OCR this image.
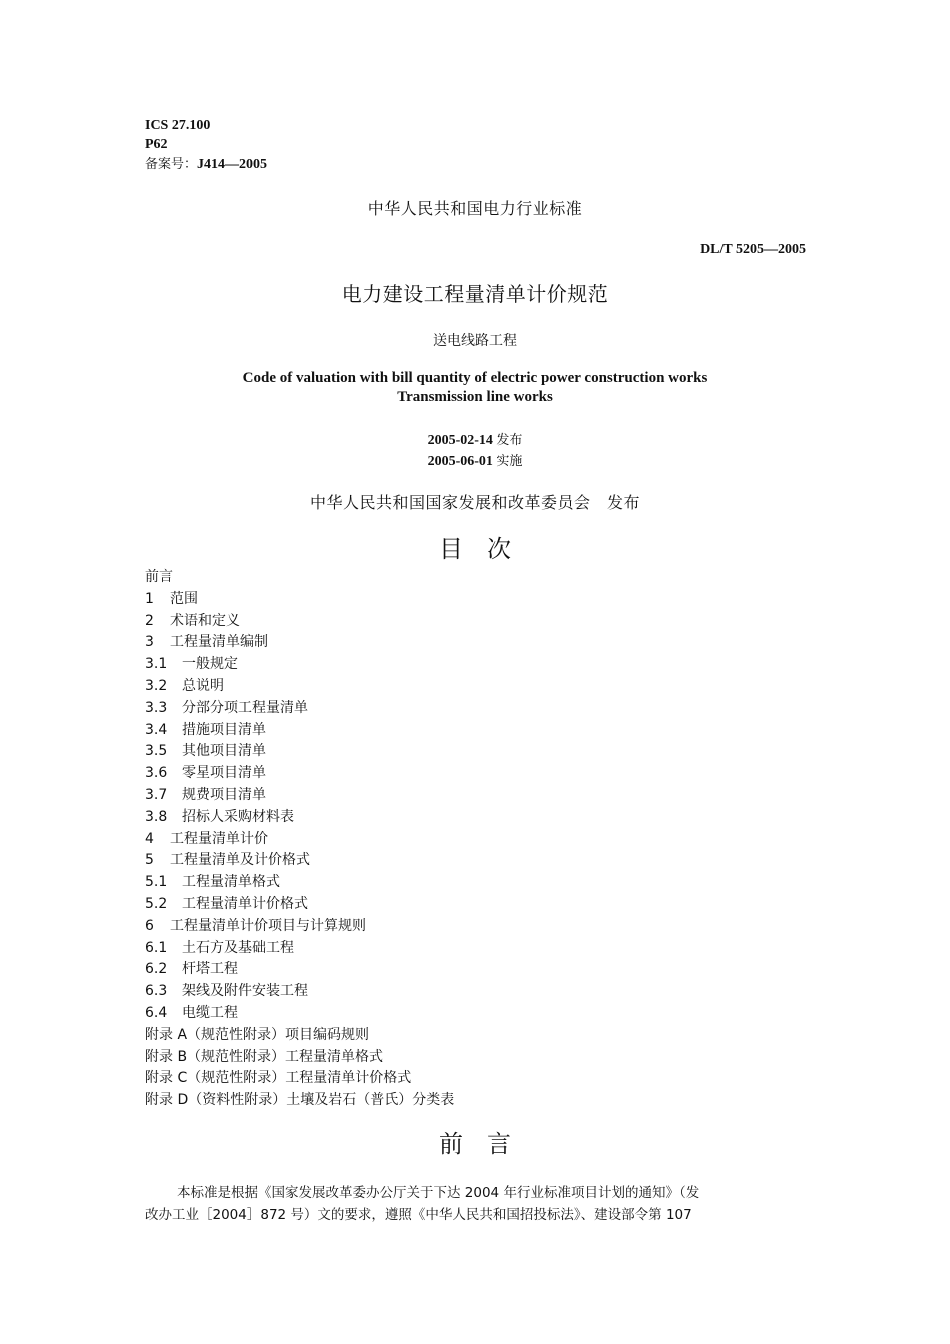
ICS 27.100
P62
备案号：J414—2005
中华人民共和国电力行业标准
DL/T 5205—2005
电力建设工程量清单计价规范
送电线路工程
Code of valuation with bill quantity of electric power construction works
Transmission line works
2005-02-14 发布
2005-06-01 实施
中华人民共和国国家发展和改革委员会　发布
目　次
前言
1 范围
2 术语和定义
3 工程量清单编制
3.1 一般规定
3.2 总说明
3.3 分部分项工程量清单
3.4 措施项目清单
3.5 其他项目清单
3.6 零星项目清单
3.7 规费项目清单
3.8 招标人采购材料表
4 工程量清单计价
5 工程量清单及计价格式
5.1 工程量清单格式
5.2 工程量清单计价格式
6 工程量清单计价项目与计算规则
6.1 土石方及基础工程
6.2 杆塔工程
6.3 架线及附件安装工程
6.4 电缆工程
附录 A（规范性附录）项目编码规则
附录 B（规范性附录）工程量清单格式
附录 C（规范性附录）工程量清单计价格式
附录 D（资料性附录）土壤及岩石（普氏）分类表
前　言
本标准是根据《国家发展改革委办公厅关于下达 2004 年行业标准项目计划的通知》（发
改办工业［2004］872 号）文的要求，遵照《中华人民共和国招投标法》、建设部令第 107
